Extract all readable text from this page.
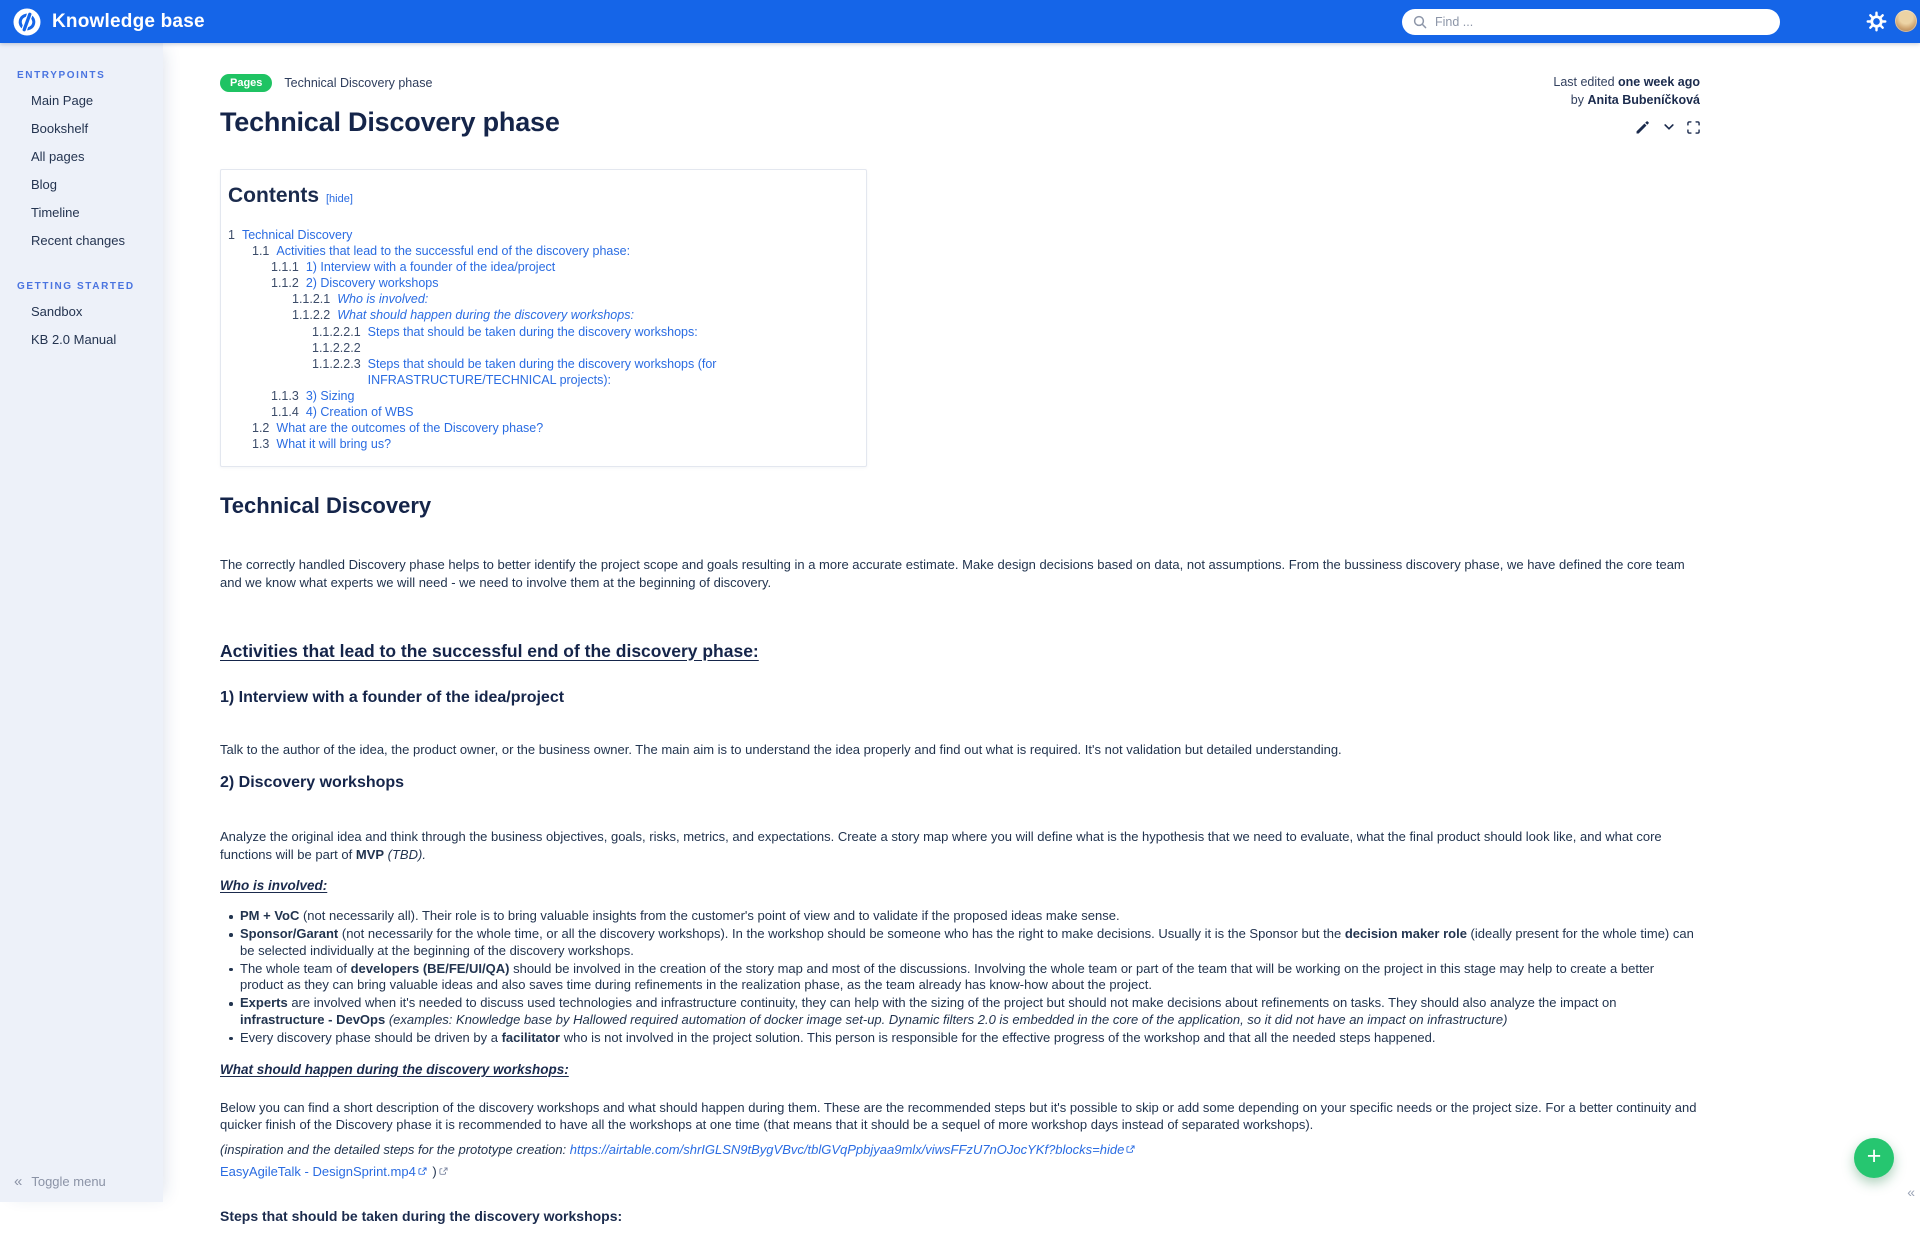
Knowledge base
Find ...
ENTRYPOINTS
Main Page
Bookshelf
All pages
Blog
Timeline
Recent changes
GETTING STARTED
Sandbox
KB 2.0 Manual
« Toggle menu
Pages	Technical Discovery phase	Last edited one week ago
by Anita Bubeníčková
Technical Discovery phase
Contents [hide]
1 Technical Discovery
1.1 Activities that lead to the successful end of the discovery phase:
1.1.1 1) Interview with a founder of the idea/project
1.1.2 2) Discovery workshops
1.1.2.1 Who is involved:
1.1.2.2 What should happen during the discovery workshops:
1.1.2.2.1 Steps that should be taken during the discovery workshops:
1.1.2.2.2
1.1.2.2.3 Steps that should be taken during the discovery workshops (for INFRASTRUCTURE/TECHNICAL projects):
1.1.3 3) Sizing
1.1.4 4) Creation of WBS
1.2 What are the outcomes of the Discovery phase?
1.3 What it will bring us?
Technical Discovery

The correctly handled Discovery phase helps to better identify the project scope and goals resulting in a more accurate estimate. Make design decisions based on data, not assumptions. From the bussiness discovery phase, we have defined the core team and we know what experts we will need - we need to involve them at the beginning of discovery.

Activities that lead to the successful end of the discovery phase:
1) Interview with a founder of the idea/project

Talk to the author of the idea, the product owner, or the business owner. The main aim is to understand the idea properly and find out what is required. It's not validation but detailed understanding.

2) Discovery workshops

Analyze the original idea and think through the business objectives, goals, risks, metrics, and expectations. Create a story map where you will define what is the hypothesis that we need to evaluate, what the final product should look like, and what core functions will be part of MVP (TBD).

Who is involved:
PM + VoC (not necessarily all). Their role is to bring valuable insights from the customer's point of view and to validate if the proposed ideas make sense.
Sponsor/Garant (not necessarily for the whole time, or all the discovery workshops). In the workshop should be someone who has the right to make decisions. Usually it is the Sponsor but the decision maker role (ideally present for the whole time) can be selected individually at the beginning of the discovery workshops.
The whole team of developers (BE/FE/UI/QA) should be involved in the creation of the story map and most of the discussions. Involving the whole team or part of the team that will be working on the project in this stage may help to create a better product as they can bring valuable ideas and also saves time during refinements in the realization phase, as the team already has know-how about the project.
Experts are involved when it's needed to discuss used technologies and infrastructure continuity, they can help with the sizing of the project but should not make decisions about refinements on tasks. They should also analyze the impact on infrastructure - DevOps (examples: Knowledge base by Hallowed required automation of docker image set-up. Dynamic filters 2.0 is embedded in the core of the application, so it did not have an impact on infrastructure)
Every discovery phase should be driven by a facilitator who is not involved in the project solution. This person is responsible for the effective progress of the workshop and that all the needed steps happened.
What should happen during the discovery workshops:

Below you can find a short description of the discovery workshops and what should happen during them. These are the recommended steps but it's possible to skip or add some depending on your specific needs or the project size. For a better continuity and quicker finish of the Discovery phase it is recommended to have all the workshops at one time (that means that it should be a sequel of more workshop days instead of separated workshops).

(inspiration and the detailed steps for the prototype creation: https://airtable.com/shrIGLSN9tBygVBvc/tblGVqPpbjyaa9mlx/viwsFFzU7nOJocYKf?blocks=hide

EasyAgileTalk - DesignSprint.mp4 )

Steps that should be taken during the discovery workshops:
+
«
